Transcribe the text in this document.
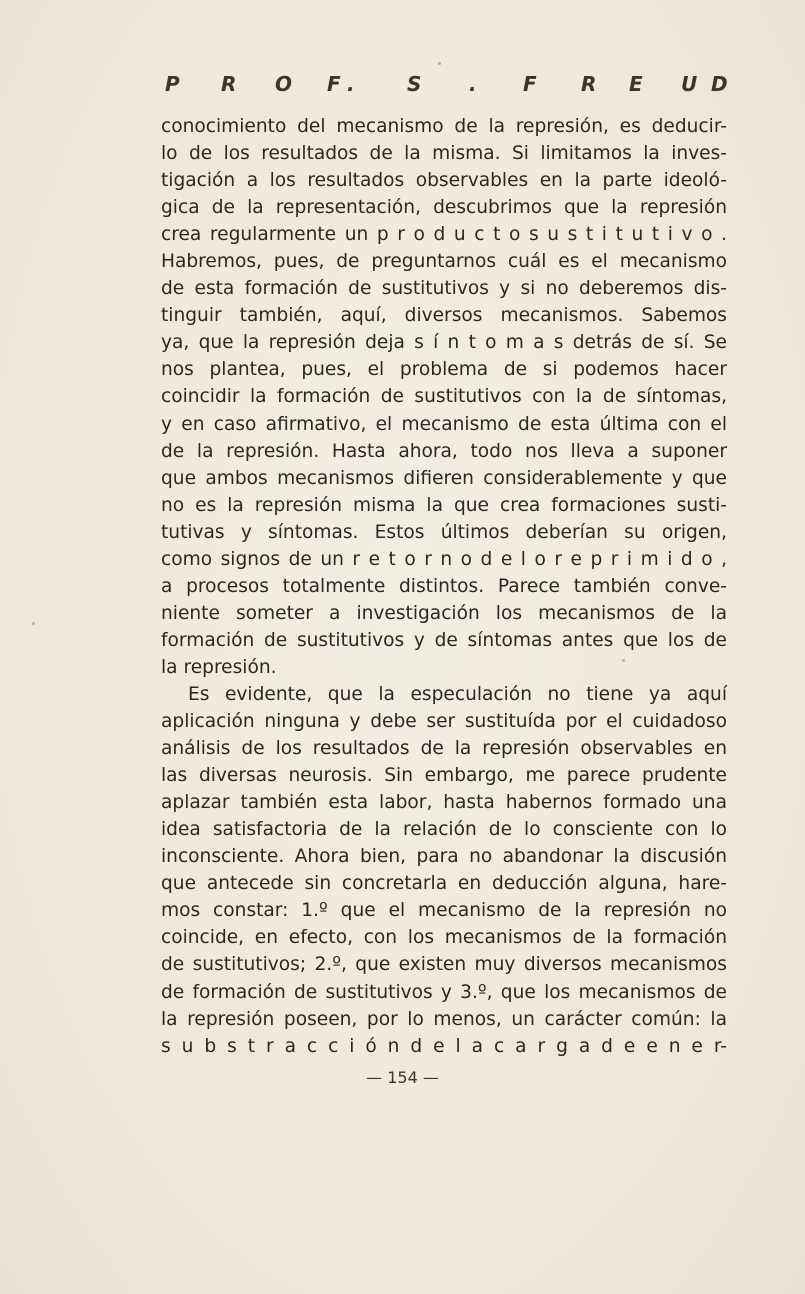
P R O F .	S . F R E U D
conocimiento del mecanismo de la represión, es deducir-
lo de los resultados de la misma. Si limitamos la inves-
tigación a los resultados observables en la parte ideoló-
gica de la representación, descubrimos que la represión
crea regularmente un p r o d u c t o s u s t i t u t i v o .
Habremos, pues, de preguntarnos cuál es el mecanismo
de esta formación de sustitutivos y si no deberemos dis-
tinguir también, aquí, diversos mecanismos. Sabemos
ya, que la represión deja s í n t o m a s detrás de sí. Se
nos plantea, pues, el problema de si podemos hacer
coincidir la formación de sustitutivos con la de síntomas,
y en caso afirmativo, el mecanismo de esta última con el
de la represión. Hasta ahora, todo nos lleva a suponer
que ambos mecanismos difieren considerablemente y que
no es la represión misma la que crea formaciones susti-
tutivas y síntomas. Estos últimos deberían su origen,
como signos de un r e t o r n o d e l o r e p r i m i d o ,
a procesos totalmente distintos. Parece también conve-
niente someter a investigación los mecanismos de la
formación de sustitutivos y de síntomas antes que los de
la represión.
Es evidente, que la especulación no tiene ya aquí
aplicación ninguna y debe ser sustituída por el cuidadoso
análisis de los resultados de la represión observables en
las diversas neurosis. Sin embargo, me parece prudente
aplazar también esta labor, hasta habernos formado una
idea satisfactoria de la relación de lo consciente con lo
inconsciente. Ahora bien, para no abandonar la discusión
que antecede sin concretarla en deducción alguna, hare-
mos constar: 1.º que el mecanismo de la represión no
coincide, en efecto, con los mecanismos de la formación
de sustitutivos; 2.º, que existen muy diversos mecanismos
de formación de sustitutivos y 3.º, que los mecanismos de
la represión poseen, por lo menos, un carácter común: la
s u b s t r a c c i ó n d e l a c a r g a d e e n e r-
— 154 —
